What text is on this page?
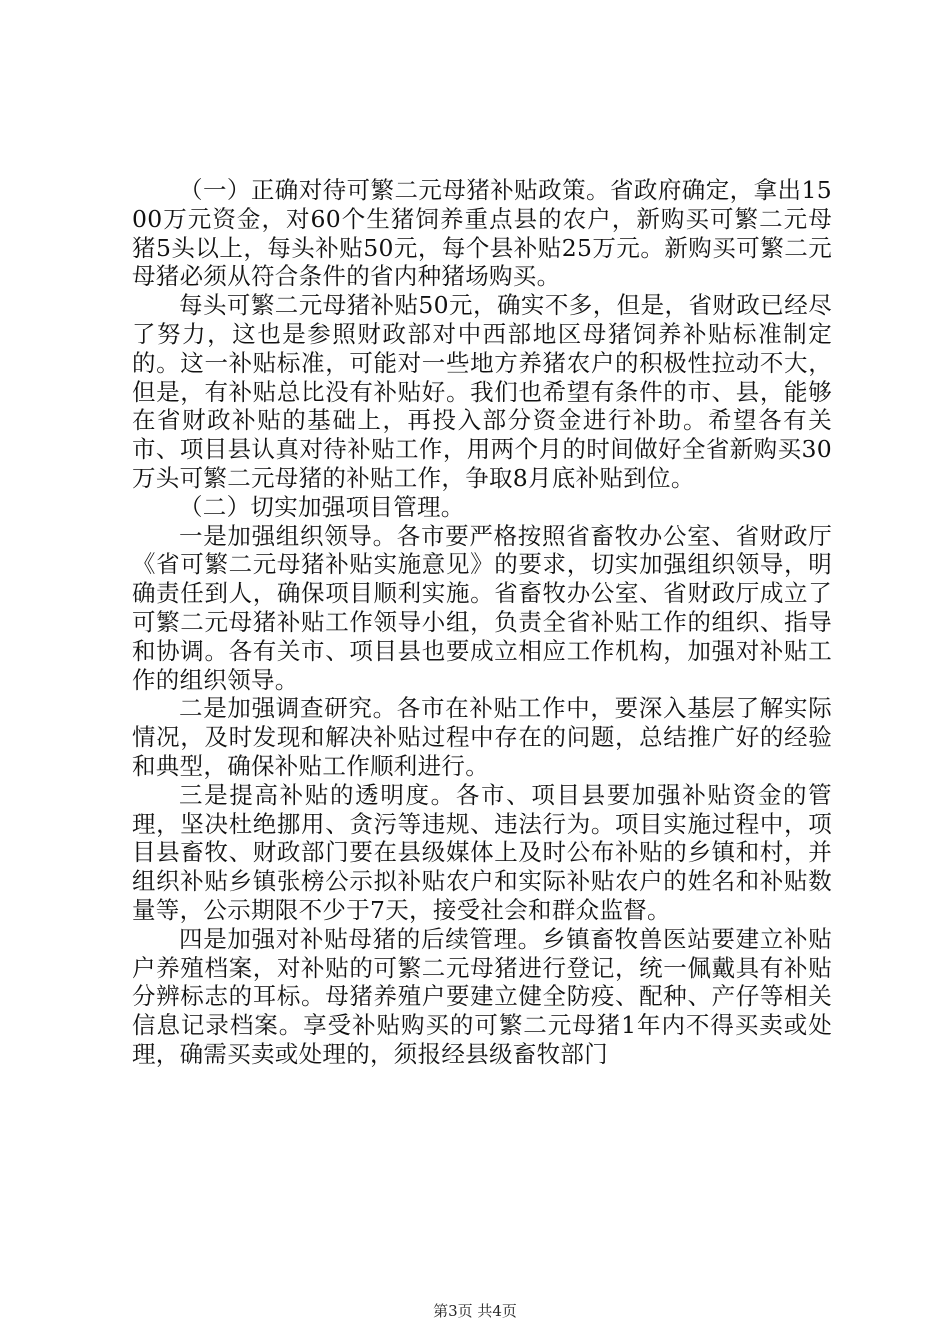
（一）正确对待可繁二元母猪补贴政策。省政府确定，拿出1500万元资金，对60个生猪饲养重点县的农户，新购买可繁二元母猪5头以上，每头补贴50元，每个县补贴25万元。新购买可繁二元母猪必须从符合条件的省内种猪场购买。

每头可繁二元母猪补贴50元，确实不多，但是，省财政已经尽了努力，这也是参照财政部对中西部地区母猪饲养补贴标准制定的。这一补贴标准，可能对一些地方养猪农户的积极性拉动不大，但是，有补贴总比没有补贴好。我们也希望有条件的市、县，能够在省财政补贴的基础上，再投入部分资金进行补助。希望各有关市、项目县认真对待补贴工作，用两个月的时间做好全省新购买30万头可繁二元母猪的补贴工作，争取8月底补贴到位。

（二）切实加强项目管理。

一是加强组织领导。各市要严格按照省畜牧办公室、省财政厅《省可繁二元母猪补贴实施意见》的要求，切实加强组织领导，明确责任到人，确保项目顺利实施。省畜牧办公室、省财政厅成立了可繁二元母猪补贴工作领导小组，负责全省补贴工作的组织、指导和协调。各有关市、项目县也要成立相应工作机构，加强对补贴工作的组织领导。

二是加强调查研究。各市在补贴工作中，要深入基层了解实际情况，及时发现和解决补贴过程中存在的问题，总结推广好的经验和典型，确保补贴工作顺利进行。

三是提高补贴的透明度。各市、项目县要加强补贴资金的管理，坚决杜绝挪用、贪污等违规、违法行为。项目实施过程中，项目县畜牧、财政部门要在县级媒体上及时公布补贴的乡镇和村，并组织补贴乡镇张榜公示拟补贴农户和实际补贴农户的姓名和补贴数量等，公示期限不少于7天，接受社会和群众监督。

四是加强对补贴母猪的后续管理。乡镇畜牧兽医站要建立补贴户养殖档案，对补贴的可繁二元母猪进行登记，统一佩戴具有补贴分辨标志的耳标。母猪养殖户要建立健全防疫、配种、产仔等相关信息记录档案。享受补贴购买的可繁二元母猪1年内不得买卖或处理，确需买卖或处理的，须报经县级畜牧部门

第3页 共4页
